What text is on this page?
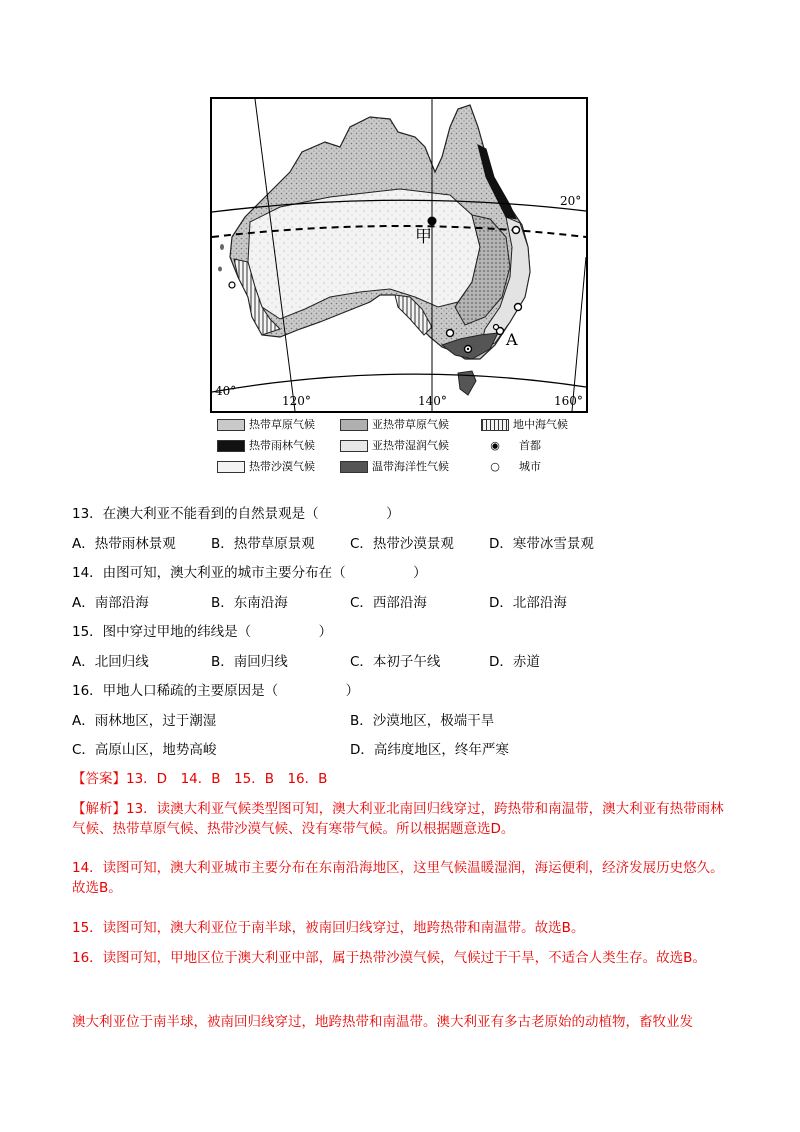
甲
A
20°
40°
120°	140°	160°
热带草原气候	亚热带草原气候	地中海气候
热带雨林气候	亚热带湿润气候	◉ 首都
热带沙漠气候	温带海洋性气候	○ 城市
13．在澳大利亚不能看到的自然景观是（　　　　　）
A．热带雨林景观	B．热带草原景观	C．热带沙漠景观	D．寒带冰雪景观
14．由图可知，澳大利亚的城市主要分布在（　　　　　）
A．南部沿海	B．东南沿海	C．西部沿海	D．北部沿海
15．图中穿过甲地的纬线是（　　　　　）
A．北回归线	B．南回归线	C．本初子午线	D．赤道
16．甲地人口稀疏的主要原因是（　　　　　）
A．雨林地区，过于潮湿	B．沙漠地区，极端干旱
C．高原山区，地势高峻	D．高纬度地区，终年严寒
【答案】13．D　14．B　15．B　16．B
【解析】13．读澳大利亚气候类型图可知，澳大利亚北南回归线穿过，跨热带和南温带，澳大利亚有热带雨林气候、热带草原气候、热带沙漠气候、没有寒带气候。所以根据题意选D。
14．读图可知，澳大利亚城市主要分布在东南沿海地区，这里气候温暖湿润，海运便利，经济发展历史悠久。故选B。
15．读图可知，澳大利亚位于南半球，被南回归线穿过，地跨热带和南温带。故选B。
16．读图可知，甲地区位于澳大利亚中部，属于热带沙漠气候，气候过于干旱，不适合人类生存。故选B。
澳大利亚位于南半球，被南回归线穿过，地跨热带和南温带。澳大利亚有多古老原始的动植物，畜牧业发
